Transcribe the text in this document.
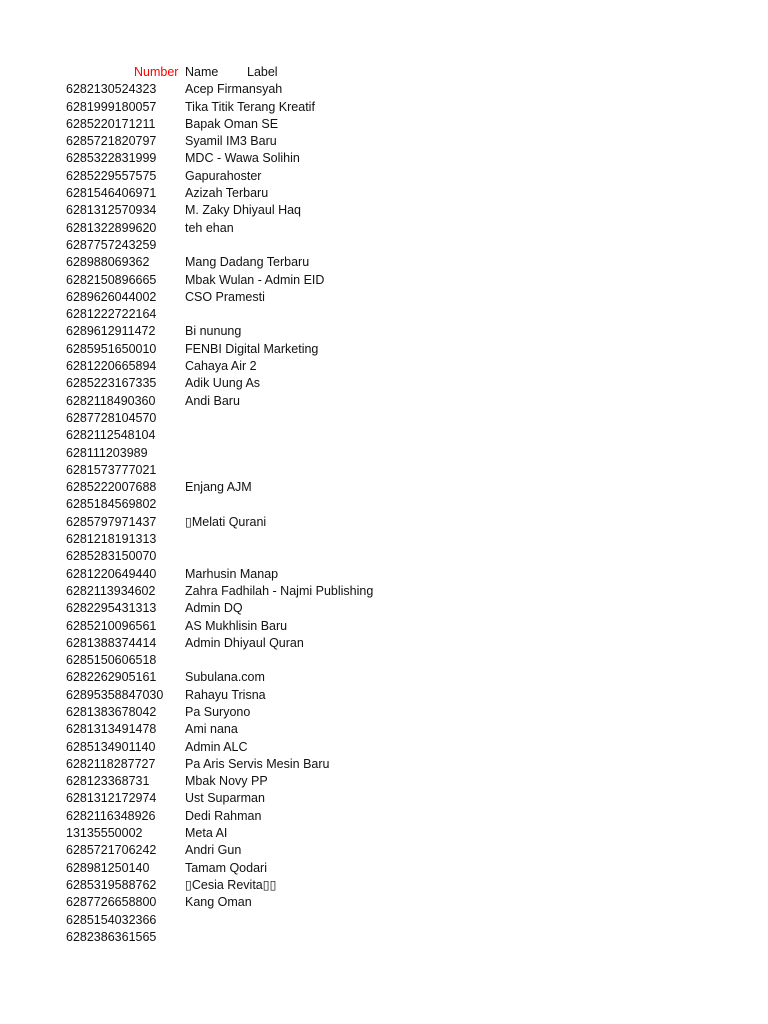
Number Name Label
6282130524323	Acep Firmansyah
6281999180057	Tika Titik Terang Kreatif
6285220171211	Bapak Oman SE
6285721820797	Syamil IM3 Baru
6285322831999	MDC - Wawa Solihin
6285229557575	Gapurahoster
6281546406971	Azizah Terbaru
6281312570934	M. Zaky Dhiyaul Haq
6281322899620	teh ehan
6287757243259
628988069362	Mang Dadang Terbaru
6282150896665	Mbak Wulan - Admin EID
6289626044002	CSO Pramesti
6281222722164
6289612911472	Bi nunung
6285951650010	FENBI Digital Marketing
6281220665894	Cahaya Air 2
6285223167335	Adik Uung As
6282118490360	Andi Baru
6287728104570
6282112548104
628111203989
6281573777021
6285222007688	Enjang AJM
6285184569802
6285797971437	▯Melati Qurani
6281218191313
6285283150070
6281220649440	Marhusin Manap
6282113934602	Zahra Fadhilah - Najmi Publishing
6282295431313	Admin DQ
6285210096561	AS Mukhlisin Baru
6281388374414	Admin Dhiyaul Quran
6285150606518
6282262905161	Subulana.com
62895358847030	Rahayu Trisna
6281383678042	Pa Suryono
6281313491478	Ami nana
6285134901140	Admin ALC
6282118287727	Pa Aris Servis Mesin Baru
628123368731	Mbak Novy PP
6281312172974	Ust Suparman
6282116348926	Dedi Rahman
13135550002	Meta AI
6285721706242	Andri Gun
628981250140	Tamam Qodari
6285319588762	▯Cesia Revita▯▯
6287726658800	Kang Oman
6285154032366
6282386361565
